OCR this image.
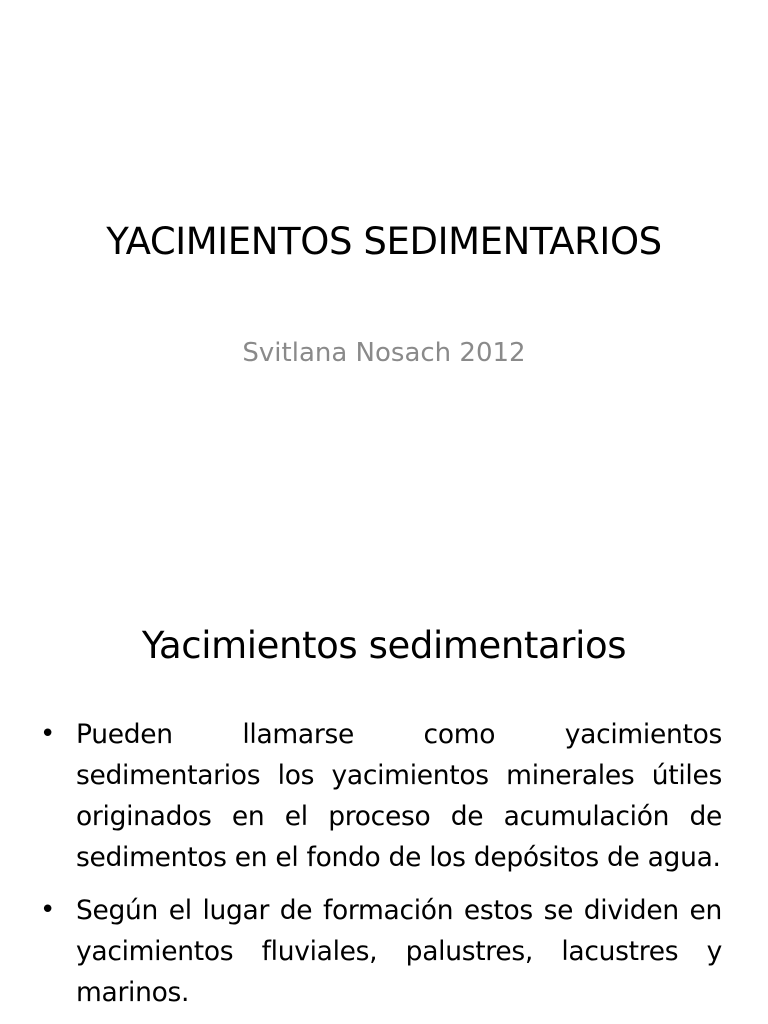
YACIMIENTOS SEDIMENTARIOS
Svitlana Nosach 2012
Yacimientos sedimentarios
• Pueden llamarse como yacimientos sedimentarios los yacimientos minerales útiles originados en el proceso de acumulación de sedimentos en el fondo de los depósitos de agua.
• Según el lugar de formación estos se dividen en yacimientos fluviales, palustres, lacustres y marinos.
